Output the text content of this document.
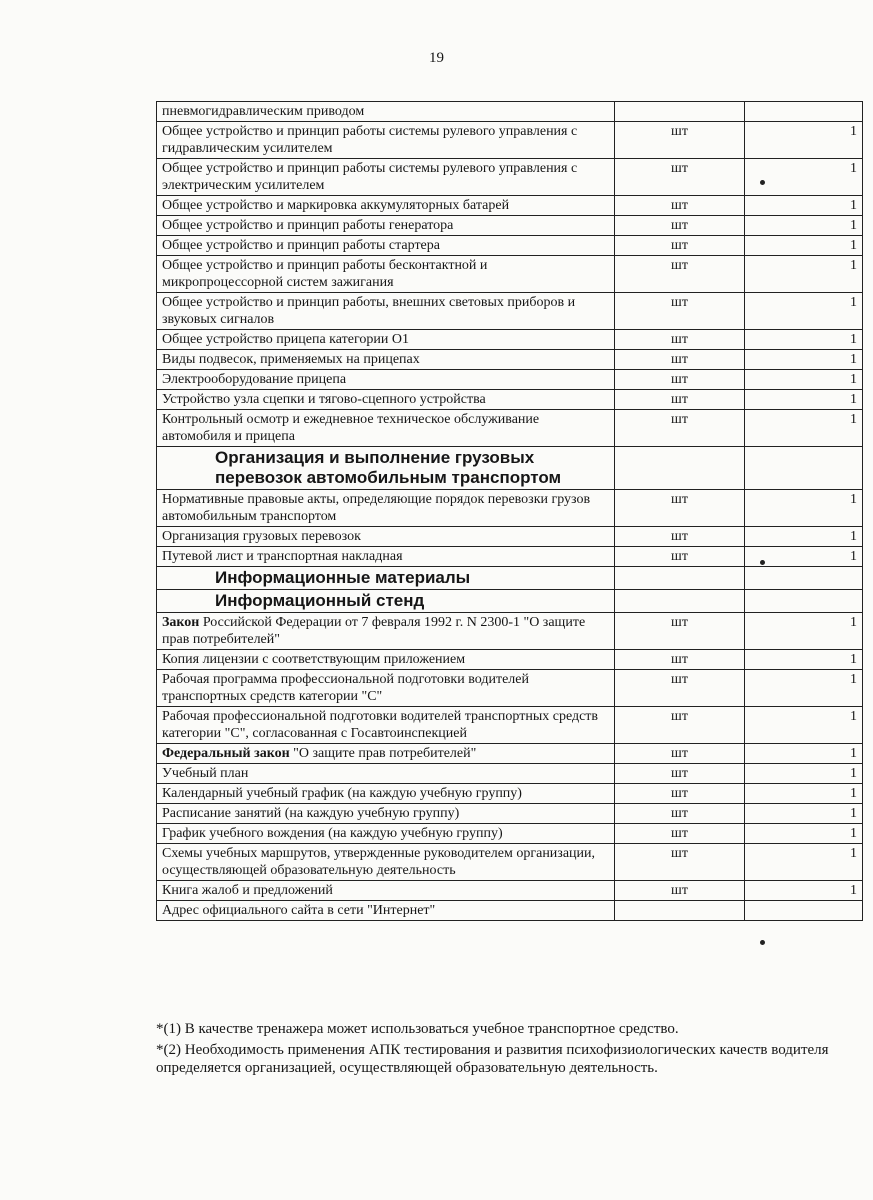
19
пневмогидравлическим приводом		
Общее устройство и принцип работы системы рулевого управления с гидравлическим усилителем	шт	1
Общее устройство и принцип работы системы рулевого управления с электрическим усилителем	шт	1
Общее устройство и маркировка аккумуляторных батарей	шт	1
Общее устройство и принцип работы генератора	шт	1
Общее устройство и принцип работы стартера	шт	1
Общее устройство и принцип работы бесконтактной и микропроцессорной систем зажигания	шт	1
Общее устройство и принцип работы, внешних световых приборов и звуковых сигналов	шт	1
Общее устройство прицепа категории О1	шт	1
Виды подвесок, применяемых на прицепах	шт	1
Электрооборудование прицепа	шт	1
Устройство узла сцепки и тягово-сцепного устройства	шт	1
Контрольный осмотр и ежедневное техническое обслуживание автомобиля и прицепа	шт	1
Организация и выполнение грузовых перевозок автомобильным транспортом		
Нормативные правовые акты, определяющие порядок перевозки грузов автомобильным транспортом	шт	1
Организация грузовых перевозок	шт	1
Путевой лист и транспортная накладная	шт	1
Информационные материалы		
Информационный стенд		
Закон Российской Федерации от 7 февраля 1992 г. N 2300-1 "О защите прав потребителей"	шт	1
Копия лицензии с соответствующим приложением	шт	1
Рабочая программа профессиональной подготовки водителей транспортных средств категории "С"	шт	1
Рабочая профессиональной подготовки водителей транспортных средств категории "С", согласованная с Госавтоинспекцией	шт	1
Федеральный закон "О защите прав потребителей"	шт	1
Учебный план	шт	1
Календарный учебный график (на каждую учебную группу)	шт	1
Расписание занятий (на каждую учебную группу)	шт	1
График учебного вождения (на каждую учебную группу)	шт	1
Схемы учебных маршрутов, утвержденные руководителем организации, осуществляющей образовательную деятельность	шт	1
Книга жалоб и предложений	шт	1
Адрес официального сайта в сети "Интернет"		

*(1) В качестве тренажера может использоваться учебное транспортное средство.

*(2) Необходимость применения АПК тестирования и развития психофизиологических качеств водителя определяется организацией, осуществляющей образовательную деятельность.
